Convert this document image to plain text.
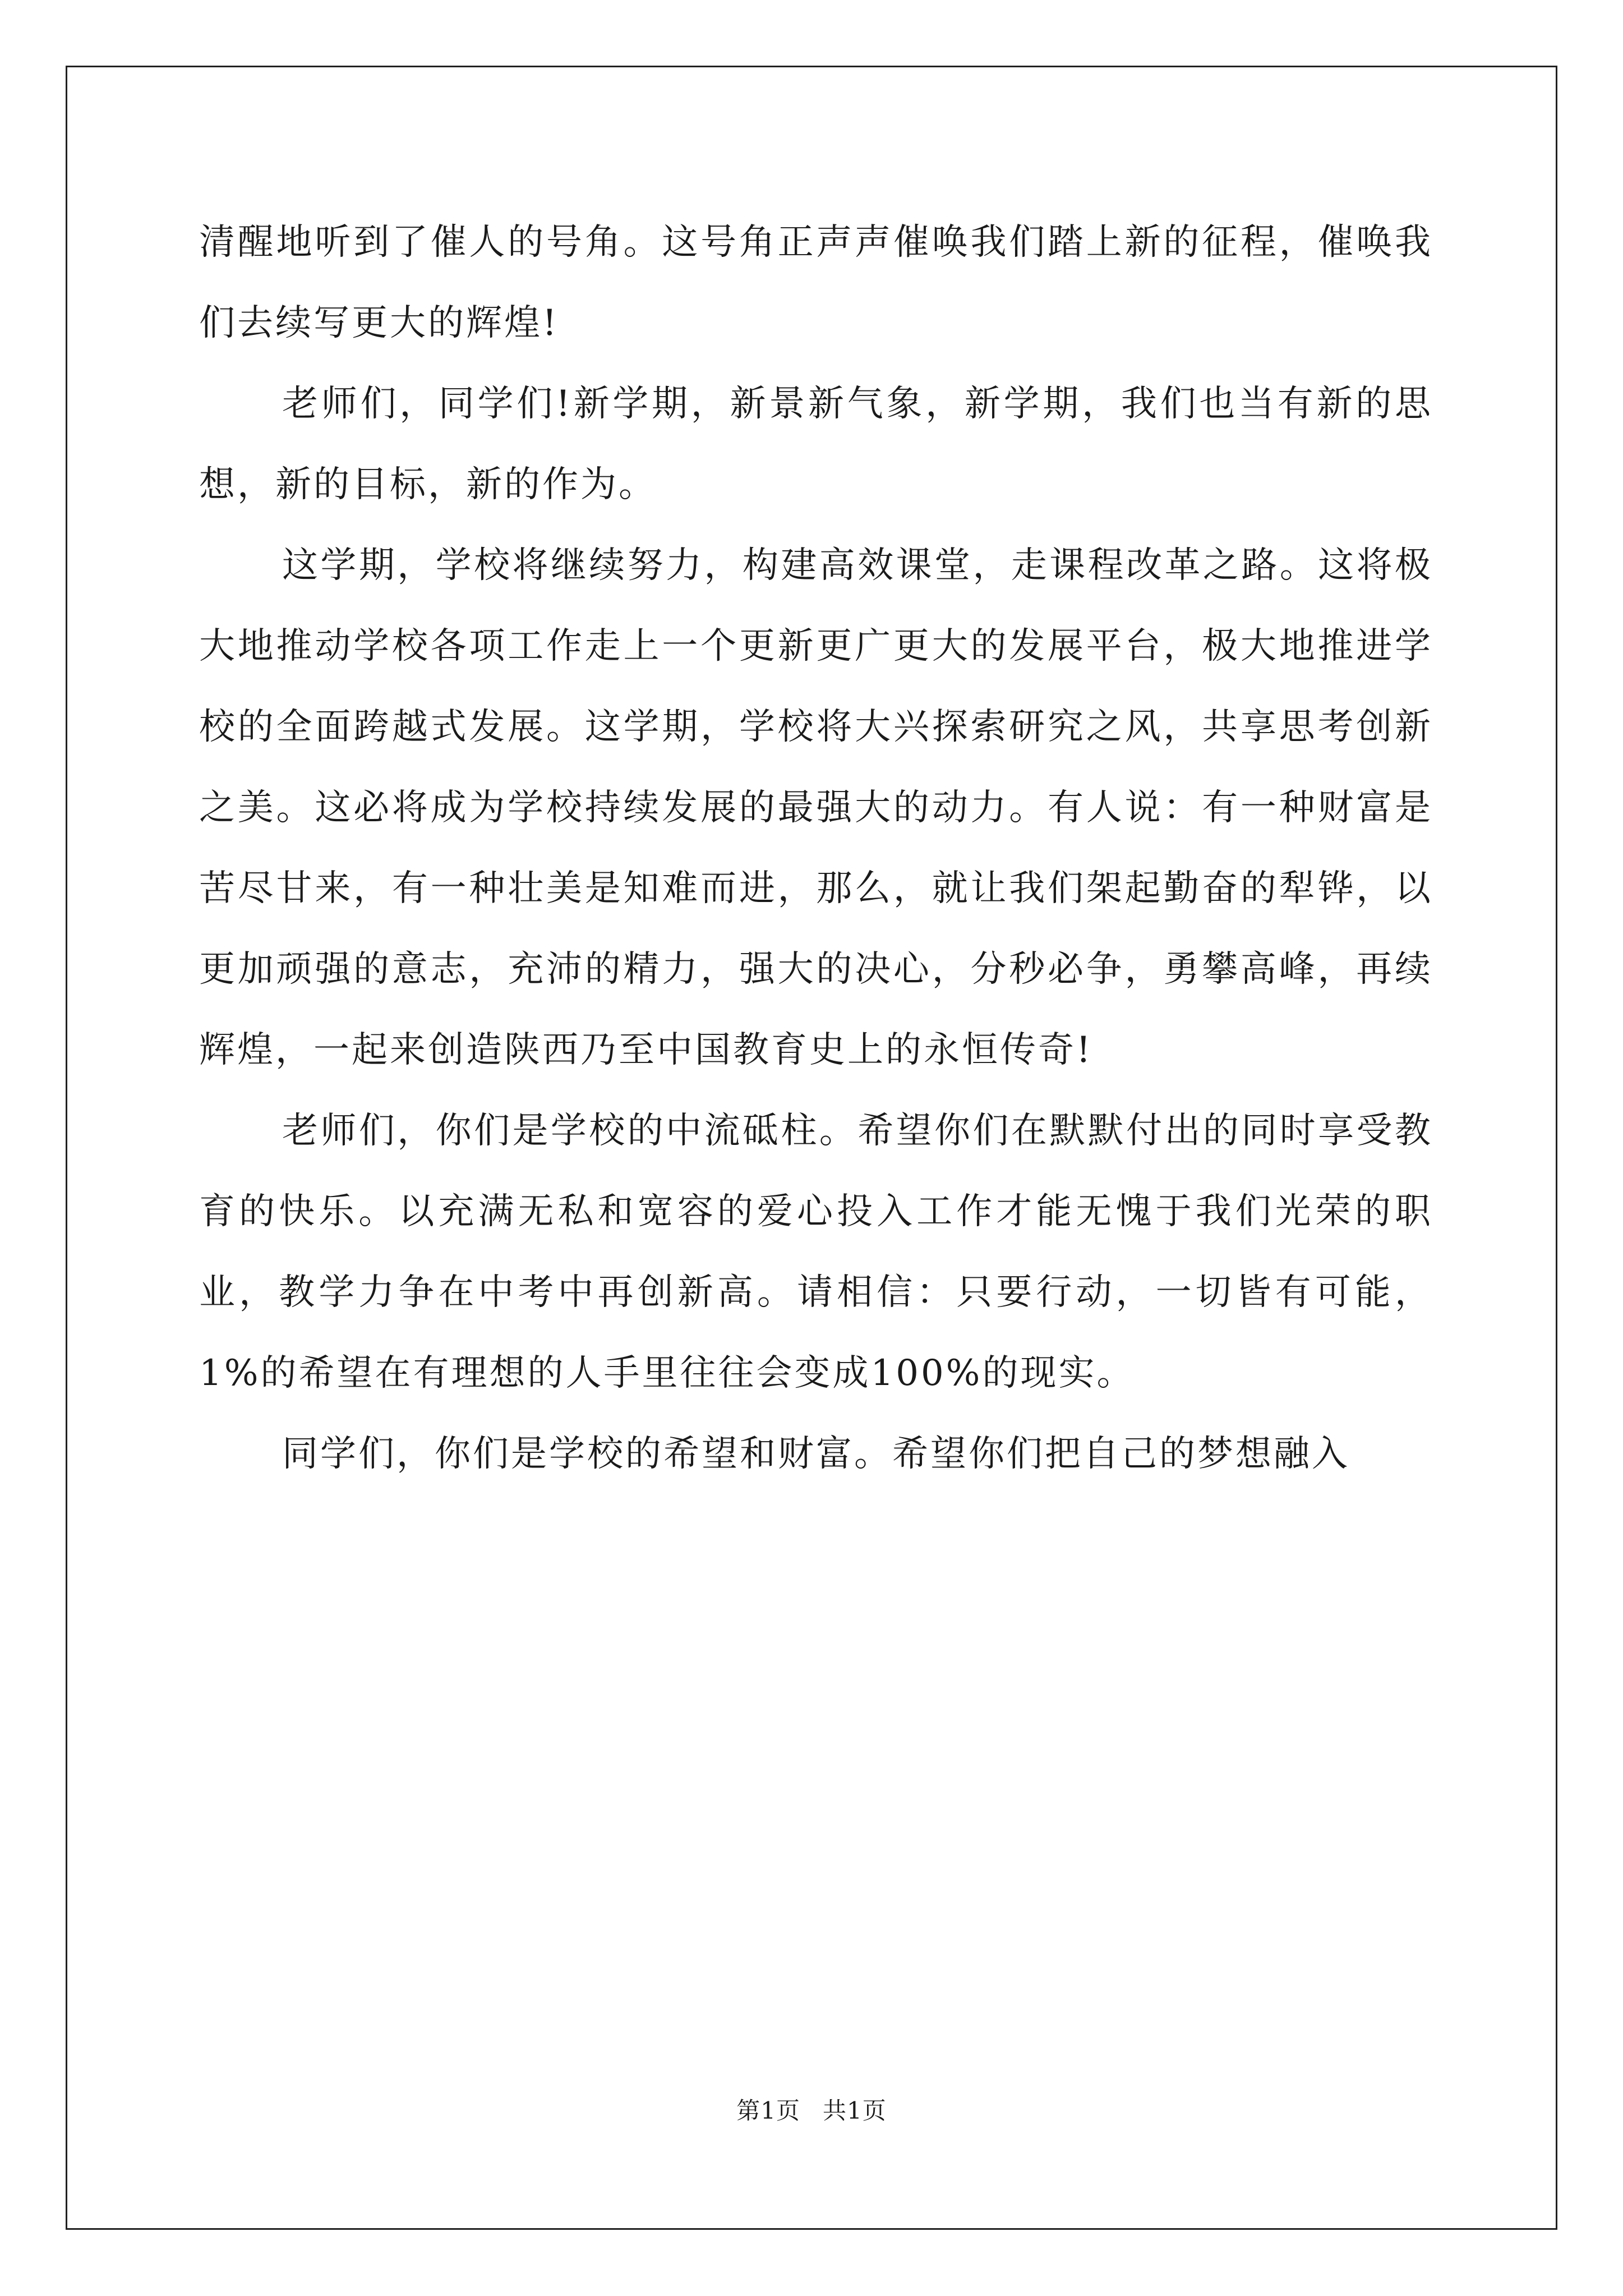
清醒地听到了催人的号角。这号角正声声催唤我们踏上新的征程，催唤我们去续写更大的辉煌!

老师们，同学们!新学期，新景新气象，新学期，我们也当有新的思想，新的目标，新的作为。

这学期，学校将继续努力，构建高效课堂，走课程改革之路。这将极大地推动学校各项工作走上一个更新更广更大的发展平台，极大地推进学校的全面跨越式发展。这学期，学校将大兴探索研究之风，共享思考创新之美。这必将成为学校持续发展的最强大的动力。有人说：有一种财富是苦尽甘来，有一种壮美是知难而进，那么，就让我们架起勤奋的犁铧，以更加顽强的意志，充沛的精力，强大的决心，分秒必争，勇攀高峰，再续辉煌，一起来创造陕西乃至中国教育史上的永恒传奇!

老师们，你们是学校的中流砥柱。希望你们在默默付出的同时享受教育的快乐。以充满无私和宽容的爱心投入工作才能无愧于我们光荣的职业，教学力争在中考中再创新高。请相信：只要行动，一切皆有可能，1%的希望在有理想的人手里往往会变成100%的现实。

同学们，你们是学校的希望和财富。希望你们把自己的梦想融入

第1页 共1页
